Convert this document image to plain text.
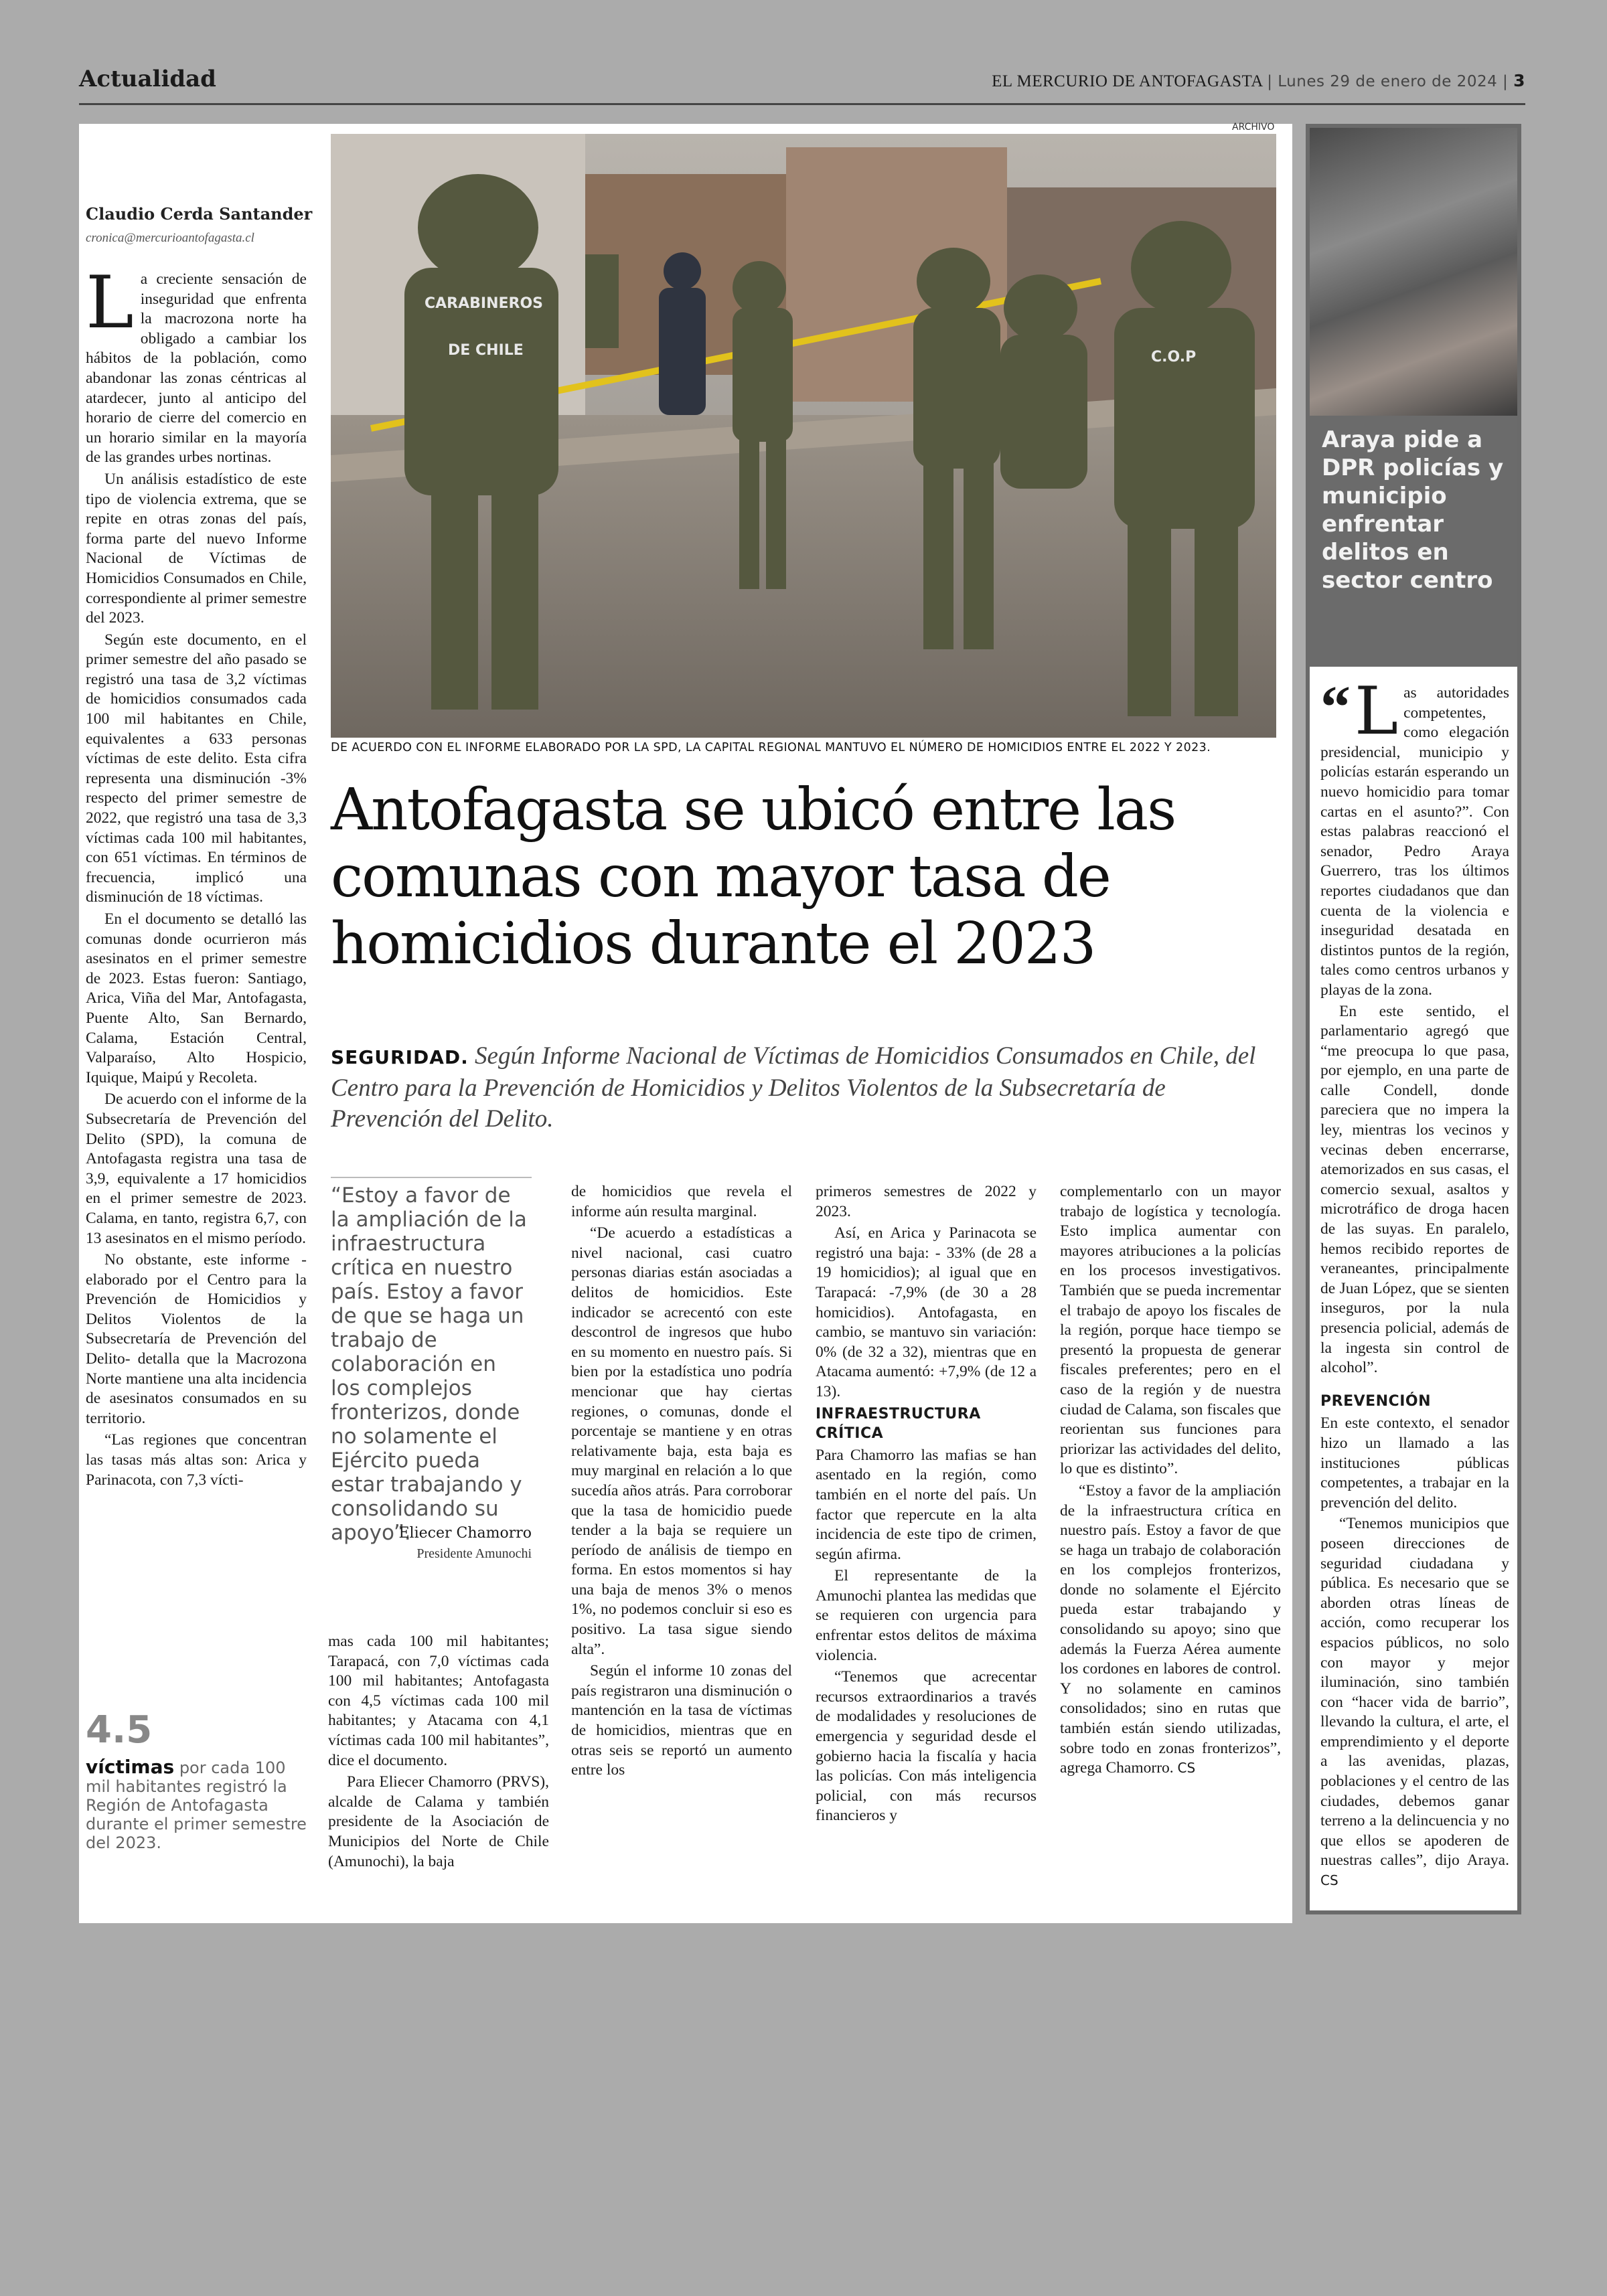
Actualidad	EL MERCURIO DE ANTOFAGASTA | Lunes 29 de enero de 2024 | 3
Claudio Cerda Santander
cronica@mercurioantofagasta.cl

La creciente sensación de inseguridad que enfrenta la macrozona norte ha obligado a cambiar los hábitos de la población, como abandonar las zonas céntricas al atardecer, junto al anticipo del horario de cierre del comercio en un horario similar en la mayoría de las grandes urbes nortinas.

Un análisis estadístico de este tipo de violencia extrema, que se repite en otras zonas del país, forma parte del nuevo Informe Nacional de Víctimas de Homicidios Consumados en Chile, correspondiente al primer semestre del 2023.

Según este documento, en el primer semestre del año pasado se registró una tasa de 3,2 víctimas de homicidios consumados cada 100 mil habitantes en Chile, equivalentes a 633 personas víctimas de este delito. Esta cifra representa una disminución -3% respecto del primer semestre de 2022, que registró una tasa de 3,3 víctimas cada 100 mil habitantes, con 651 víctimas. En términos de frecuencia, implicó una disminución de 18 víctimas.

En el documento se detalló las comunas donde ocurrieron más asesinatos en el primer semestre de 2023. Estas fueron: Santiago, Arica, Viña del Mar, Antofagasta, Puente Alto, San Bernardo, Calama, Estación Central, Valparaíso, Alto Hospicio, Iquique, Maipú y Recoleta.

De acuerdo con el informe de la Subsecretaría de Prevención del Delito (SPD), la comuna de Antofagasta registra una tasa de 3,9, equivalente a 17 homicidios en el primer semestre de 2023. Calama, en tanto, registra 6,7, con 13 asesinatos en el mismo período.

No obstante, este informe - elaborado por el Centro para la Prevención de Homicidios y Delitos Violentos de la Subsecretaría de Prevención del Delito- detalla que la Macrozona Norte mantiene una alta incidencia de asesinatos consumados en su territorio.

“Las regiones que concentran las tasas más altas son: Arica y Parinacota, con 7,3 vícti-

ARCHIVO
CARABINEROS
DE CHILE	C.O.P
DE ACUERDO CON EL INFORME ELABORADO POR LA SPD, LA CAPITAL REGIONAL MANTUVO EL NÚMERO DE HOMICIDIOS ENTRE EL 2022 Y 2023.
Antofagasta se ubicó entre las comunas con mayor tasa de homicidios durante el 2023
SEGURIDAD. Según Informe Nacional de Víctimas de Homicidios Consumados en Chile, del Centro para la Prevención de Homicidios y Delitos Violentos de la Subsecretaría de Prevención del Delito.
“Estoy a favor de la ampliación de la infraestructura crítica en nuestro país. Estoy a favor de que se haga un trabajo de colaboración en los complejos fronterizos, donde no solamente el Ejército pueda estar trabajando y consolidando su apoyo”.
Eliecer Chamorro
Presidente Amunochi

mas cada 100 mil habitantes; Tarapacá, con 7,0 víctimas cada 100 mil habitantes; Antofagasta con 4,5 víctimas cada 100 mil habitantes; y Atacama con 4,1 víctimas cada 100 mil habitantes”, dice el documento.

Para Eliecer Chamorro (PRVS), alcalde de Calama y también presidente de la Asociación de Municipios del Norte de Chile (Amunochi), la baja

de homicidios que revela el informe aún resulta marginal.

“De acuerdo a estadísticas a nivel nacional, casi cuatro personas diarias están asociadas a delitos de homicidios. Este indicador se acrecentó con este descontrol de ingresos que hubo en su momento en nuestro país. Si bien por la estadística uno podría mencionar que hay ciertas regiones, o comunas, donde el porcentaje se mantiene y en otras relativamente baja, esta baja es muy marginal en relación a lo que sucedía años atrás. Para corroborar que la tasa de homicidio puede tender a la baja se requiere un período de análisis de tiempo en forma. En estos momentos si hay una baja de menos 3% o menos 1%, no podemos concluir si eso es positivo. La tasa sigue siendo alta”.

Según el informe 10 zonas del país registraron una disminución o mantención en la tasa de víctimas de homicidios, mientras que en otras seis se reportó un aumento entre los

primeros semestres de 2022 y 2023.

Así, en Arica y Parinacota se registró una baja: - 33% (de 28 a 19 homicidios); al igual que en Tarapacá: -7,9% (de 30 a 28 homicidios). Antofagasta, en cambio, se mantuvo sin variación: 0% (de 32 a 32), mientras que en Atacama aumentó: +7,9% (de 12 a 13).

INFRAESTRUCTURA CRÍTICA

Para Chamorro las mafias se han asentado en la región, como también en el norte del país. Un factor que repercute en la alta incidencia de este tipo de crimen, según afirma.

El representante de la Amunochi plantea las medidas que se requieren con urgencia para enfrentar estos delitos de máxima violencia.

“Tenemos que acrecentar recursos extraordinarios a través de modalidades y resoluciones de emergencia y seguridad desde el gobierno hacia la fiscalía y hacia las policías. Con más inteligencia policial, con más recursos financieros y

complementarlo con un mayor trabajo de logística y tecnología. Esto implica aumentar con mayores atribuciones a la policías en los procesos investigativos. También que se pueda incrementar el trabajo de apoyo los fiscales de la región, porque hace tiempo se presentó la propuesta de generar fiscales preferentes; pero en el caso de la región y de nuestra ciudad de Calama, son fiscales que reorientan sus funciones para priorizar las actividades del delito, lo que es distinto”.

“Estoy a favor de la ampliación de la infraestructura crítica en nuestro país. Estoy a favor de que se haga un trabajo de colaboración en los complejos fronterizos, donde no solamente el Ejército pueda estar trabajando y consolidando su apoyo; sino que además la Fuerza Aérea aumente los cordones en labores de control. Y no solamente en caminos consolidados; sino en rutas que también están siendo utilizadas, sobre todo en zonas fronterizos”, agrega Chamorro. CS

4.5
víctimas por cada 100 mil habitantes registró la Región de Antofagasta durante el primer semestre del 2023.
Araya pide a DPR policías y municipio enfrentar delitos en sector centro

“ L as autoridades competentes, como elegación presidencial, municipio y policías estarán esperando un nuevo homicidio para tomar cartas en el asunto?”. Con estas palabras reaccionó el senador, Pedro Araya Guerrero, tras los últimos reportes ciudadanos que dan cuenta de la violencia e inseguridad desatada en distintos puntos de la región, tales como centros urbanos y playas de la zona.

En este sentido, el parlamentario agregó que “me preocupa lo que pasa, por ejemplo, en una parte de calle Condell, donde pareciera que no impera la ley, mientras los vecinos y vecinas deben encerrarse, atemorizados en sus casas, el comercio sexual, asaltos y microtráfico de droga hacen de las suyas. En paralelo, hemos recibido reportes de veraneantes, principalmente de Juan López, que se sienten inseguros, por la nula presencia policial, además de la ingesta sin control de alcohol”.

PREVENCIÓN

En este contexto, el senador hizo un llamado a las instituciones públicas competentes, a trabajar en la prevención del delito.

“Tenemos municipios que poseen direcciones de seguridad ciudadana y pública. Es necesario que se aborden otras líneas de acción, como recuperar los espacios públicos, no solo con mayor y mejor iluminación, sino también con “hacer vida de barrio”, llevando la cultura, el arte, el emprendimiento y el deporte a las avenidas, plazas, poblaciones y el centro de las ciudades, debemos ganar terreno a la delincuencia y no que ellos se apoderen de nuestras calles”, dijo Araya. CS
